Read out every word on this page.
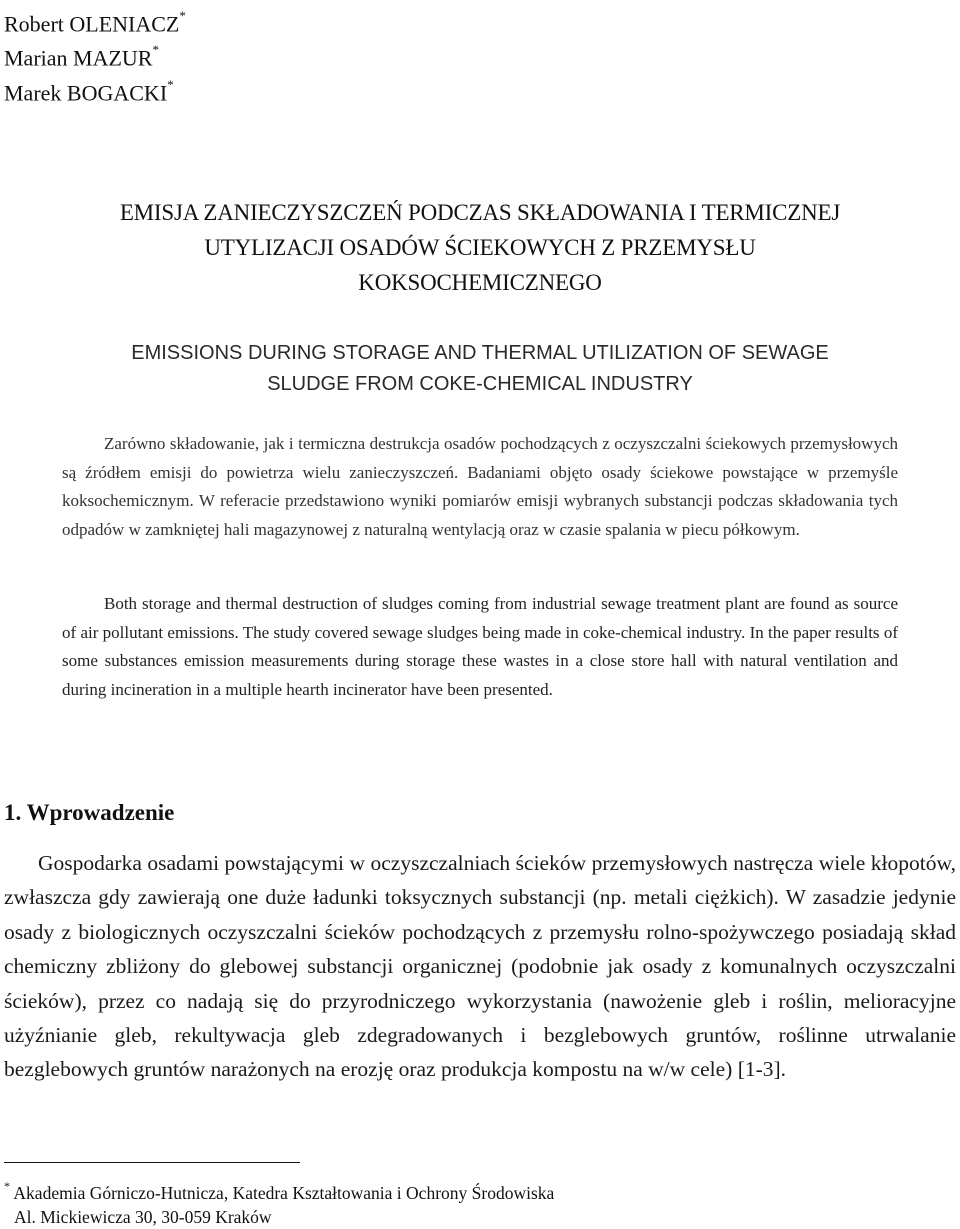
Robert OLENIACZ*
Marian MAZUR*
Marek BOGACKI*
EMISJA ZANIECZYSZCZEŃ PODCZAS SKŁADOWANIA I TERMICZNEJ
UTYLIZACJI OSADÓW ŚCIEKOWYCH Z PRZEMYSŁU
KOKSOCHEMICZNEGO
EMISSIONS DURING STORAGE AND THERMAL UTILIZATION OF SEWAGE
SLUDGE FROM COKE-CHEMICAL INDUSTRY

Zarówno składowanie, jak i termiczna destrukcja osadów pochodzących z oczyszczalni ściekowych przemysłowych są źródłem emisji do powietrza wielu zanieczyszczeń. Badaniami objęto osady ściekowe powstające w przemyśle koksochemicznym. W referacie przedstawiono wyniki pomiarów emisji wybranych substancji podczas składowania tych odpadów w zamkniętej hali magazynowej z naturalną wentylacją oraz w czasie spalania w piecu półkowym.

Both storage and thermal destruction of sludges coming from industrial sewage treatment plant are found as source of air pollutant emissions. The study covered sewage sludges being made in coke-chemical industry. In the paper results of some substances emission measurements during storage these wastes in a close store hall with natural ventilation and during incineration in a multiple hearth incinerator have been presented.

1. Wprowadzenie

Gospodarka osadami powstającymi w oczyszczalniach ścieków przemysłowych nastręcza wiele kłopotów, zwłaszcza gdy zawierają one duże ładunki toksycznych substancji (np. metali ciężkich). W zasadzie jedynie osady z biologicznych oczyszczalni ścieków pochodzących z przemysłu rolno-spożywczego posiadają skład chemiczny zbliżony do glebowej substancji organicznej (podobnie jak osady z komunalnych oczyszczalni ścieków), przez co nadają się do przyrodniczego wykorzystania (nawożenie gleb i roślin, melioracyjne użyźnianie gleb, rekultywacja gleb zdegradowanych i bezglebowych gruntów, roślinne utrwalanie bezglebowych gruntów narażonych na erozję oraz produkcja kompostu na w/w cele) [1-3].

* Akademia Górniczo-Hutnicza, Katedra Kształtowania i Ochrony Środowiska
Al. Mickiewicza 30, 30-059 Kraków
